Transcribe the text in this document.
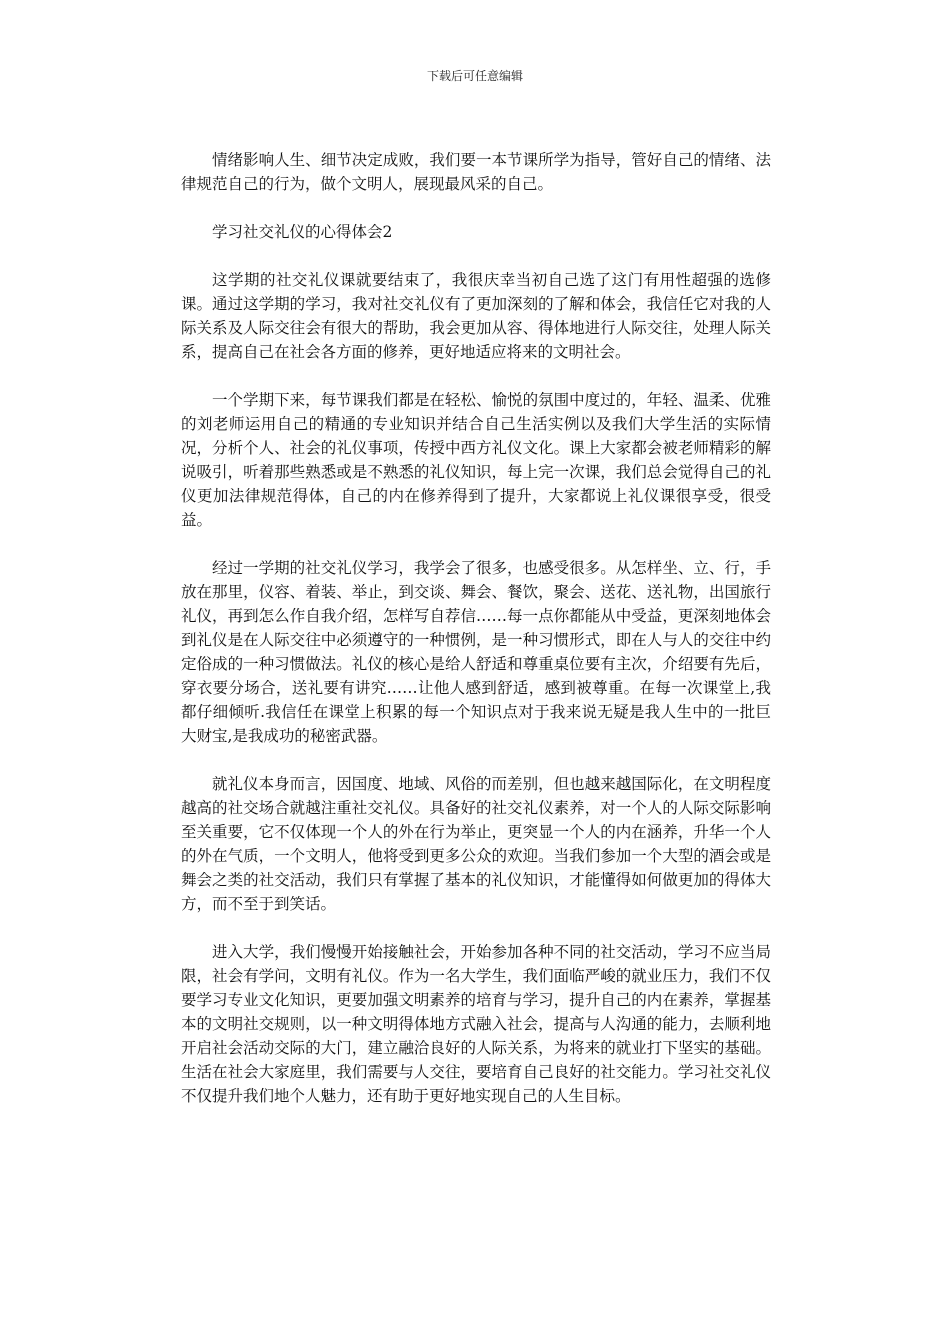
下载后可任意编辑

情绪影响人生、细节决定成败，我们要一本节课所学为指导，管好自己的情绪、法律规范自己的行为，做个文明人，展现最风采的自己。

学习社交礼仪的心得体会2

这学期的社交礼仪课就要结束了，我很庆幸当初自己选了这门有用性超强的选修课。通过这学期的学习，我对社交礼仪有了更加深刻的了解和体会，我信任它对我的人际关系及人际交往会有很大的帮助，我会更加从容、得体地进行人际交往，处理人际关系，提高自己在社会各方面的修养，更好地适应将来的文明社会。

一个学期下来，每节课我们都是在轻松、愉悦的氛围中度过的，年轻、温柔、优雅的刘老师运用自己的精通的专业知识并结合自己生活实例以及我们大学生活的实际情况，分析个人、社会的礼仪事项，传授中西方礼仪文化。课上大家都会被老师精彩的解说吸引，听着那些熟悉或是不熟悉的礼仪知识，每上完一次课，我们总会觉得自己的礼仪更加法律规范得体，自己的内在修养得到了提升，大家都说上礼仪课很享受，很受益。

经过一学期的社交礼仪学习，我学会了很多，也感受很多。从怎样坐、立、行，手放在那里，仪容、着装、举止，到交谈、舞会、餐饮，聚会、送花、送礼物，出国旅行礼仪，再到怎么作自我介绍，怎样写自荐信……每一点你都能从中受益，更深刻地体会到礼仪是在人际交往中必须遵守的一种惯例，是一种习惯形式，即在人与人的交往中约定俗成的一种习惯做法。礼仪的核心是给人舒适和尊重桌位要有主次，介绍要有先后，穿衣要分场合，送礼要有讲究……让他人感到舒适，感到被尊重。在每一次课堂上,我都仔细倾听.我信任在课堂上积累的每一个知识点对于我来说无疑是我人生中的一批巨大财宝,是我成功的秘密武器。

就礼仪本身而言，因国度、地域、风俗的而差别，但也越来越国际化，在文明程度越高的社交场合就越注重社交礼仪。具备好的社交礼仪素养，对一个人的人际交际影响至关重要，它不仅体现一个人的外在行为举止，更突显一个人的内在涵养，升华一个人的外在气质，一个文明人，他将受到更多公众的欢迎。当我们参加一个大型的酒会或是舞会之类的社交活动，我们只有掌握了基本的礼仪知识，才能懂得如何做更加的得体大方，而不至于到笑话。

进入大学，我们慢慢开始接触社会，开始参加各种不同的社交活动，学习不应当局限，社会有学问，文明有礼仪。作为一名大学生，我们面临严峻的就业压力，我们不仅要学习专业文化知识，更要加强文明素养的培育与学习，提升自己的内在素养，掌握基本的文明社交规则，以一种文明得体地方式融入社会，提高与人沟通的能力，去顺利地开启社会活动交际的大门，建立融洽良好的人际关系，为将来的就业打下坚实的基础。生活在社会大家庭里，我们需要与人交往，要培育自己良好的社交能力。学习社交礼仪不仅提升我们地个人魅力，还有助于更好地实现自己的人生目标。
